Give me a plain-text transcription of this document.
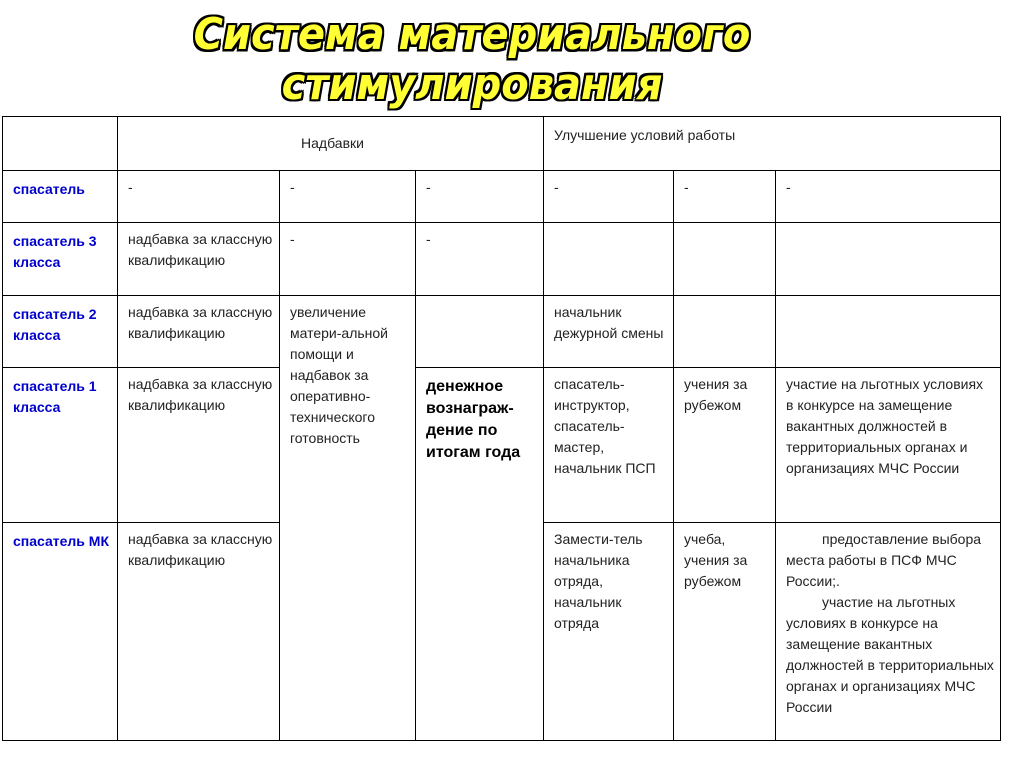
Система материального стимулирования
	Надбавки			Улучшение условий работы		
спасатель	-	-	-	-	-	-
спасатель 3 класса	надбавка за классную квалификацию	-	-			
спасатель 2 класса	надбавка за классную квалификацию	увеличение матери-альной помощи и надбавок за оперативно-технического готовность		начальник дежурной смены		
спасатель 1 класса	надбавка за классную квалификацию		денежное вознаграж-дение по итогам года	спасатель-инструктор, спасатель-мастер, начальник ПСП	учения за рубежом	участие на льготных условиях в конкурсе на замещение вакантных должностей в территориальных органах и организациях МЧС России
спасатель МК	надбавка за классную квалификацию			Замести-тель начальника отряда, начальник отряда	учеба, учения за рубежом	предоставление выбора места работы в ПСФ МЧС России;.
участие на льготных условиях в конкурсе на замещение вакантных должностей в территориальных органах и организациях МЧС России
